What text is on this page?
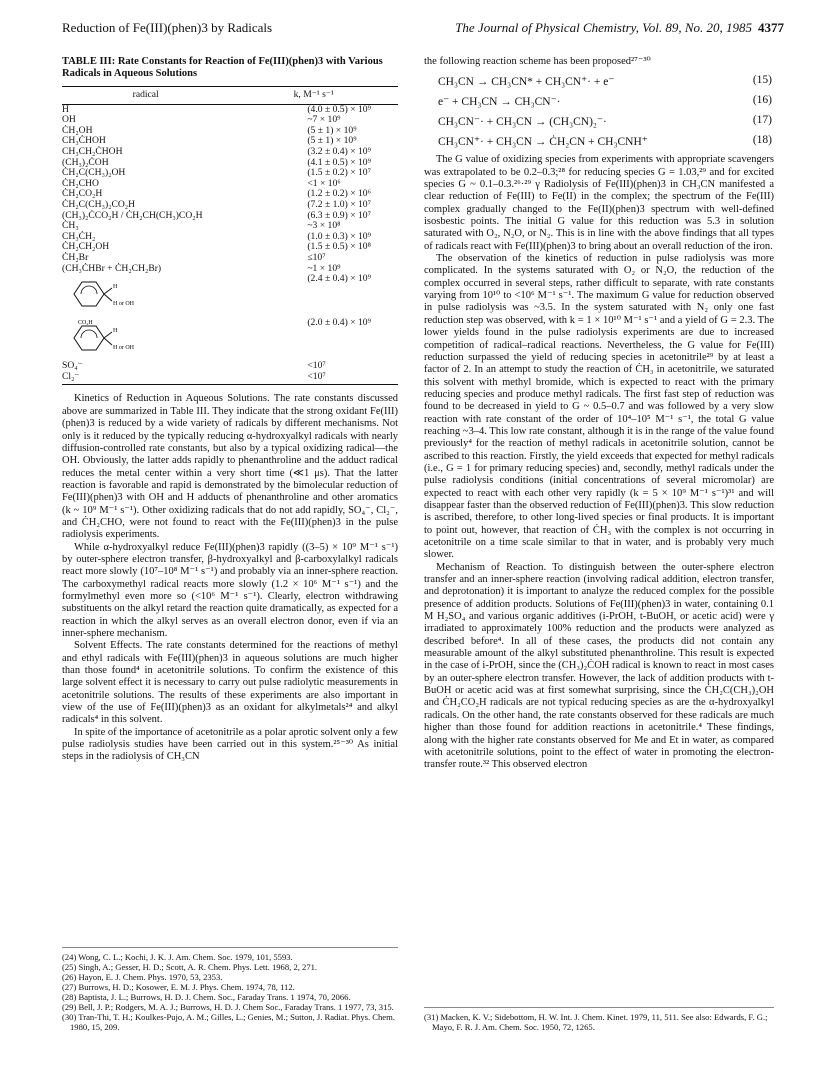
Reduction of Fe(III)(phen)3 by Radicals	The Journal of Physical Chemistry, Vol. 89, No. 20, 1985 4377
TABLE III: Rate Constants for Reaction of Fe(III)(phen)3 with Various Radicals in Aqueous Solutions
radical	k, M⁻¹ s⁻¹
H	(4.0 ± 0.5) × 10⁹
OH	~7 × 10⁹
ĊH₂OH	(5 ± 1) × 10⁹
CH₃ĊHOH	(5 ± 1) × 10⁹
CH₃CH₂ĊHOH	(3.2 ± 0.4) × 10⁹
(CH₃)₂ĊOH	(4.1 ± 0.5) × 10⁹
ĊH₂C(CH₃)₂OH	(1.5 ± 0.2) × 10⁷
ĊH₂CHO	<1 × 10⁶
ĊH₂CO₂H	(1.2 ± 0.2) × 10⁶
ĊH₂C(CH₃)₂CO₂H	(7.2 ± 1.0) × 10⁷
(CH₃)₂ĊCO₂H / ĊH₂CH(CH₃)CO₂H	(6.3 ± 0.9) × 10⁷
ĊH₃	~3 × 10⁸
CH₃ĊH₂	(1.0 ± 0.3) × 10⁹
ĊH₂CH₂OH	(1.5 ± 0.5) × 10⁸
ĊH₂Br	≤10⁷
(CH₃ĊHBr + ĊH₂CH₂Br)	~1 × 10⁹

H
H or OH	(2.4 ± 0.4) × 10⁹

H
H or OH
CO₂H	(2.0 ± 0.4) × 10⁹
SO₄⁻	<10⁷
Cl₂⁻	<10⁷

Kinetics of Reduction in Aqueous Solutions. The rate constants discussed above are summarized in Table III. They indicate that the strong oxidant Fe(III)(phen)3 is reduced by a wide variety of radicals by different mechanisms. Not only is it reduced by the typically reducing α-hydroxyalkyl radicals with nearly diffusion-controlled rate constants, but also by a typical oxidizing radical—the OH. Obviously, the latter adds rapidly to phenanthroline and the adduct radical reduces the metal center within a very short time (≪1 μs). That the latter reaction is favorable and rapid is demonstrated by the bimolecular reduction of Fe(III)(phen)3 with OH and H adducts of phenanthroline and other aromatics (k ~ 10⁹ M⁻¹ s⁻¹). Other oxidizing radicals that do not add rapidly, SO₄⁻, Cl₂⁻, and ĊH₂CHO, were not found to react with the Fe(III)(phen)3 in the pulse radiolysis experiments.

While α-hydroxyalkyl reduce Fe(III)(phen)3 rapidly ((3–5) × 10⁹ M⁻¹ s⁻¹) by outer-sphere electron transfer, β-hydroxyalkyl and β-carboxylalkyl radicals react more slowly (10⁷–10⁸ M⁻¹ s⁻¹) and probably via an inner-sphere reaction. The carboxymethyl radical reacts more slowly (1.2 × 10⁶ M⁻¹ s⁻¹) and the formylmethyl even more so (<10⁶ M⁻¹ s⁻¹). Clearly, electron withdrawing substituents on the alkyl retard the reaction quite dramatically, as expected for a reaction in which the alkyl serves as an overall electron donor, even if via an inner-sphere mechanism.

Solvent Effects. The rate constants determined for the reactions of methyl and ethyl radicals with Fe(III)(phen)3 in aqueous solutions are much higher than those found⁴ in acetonitrile solutions. To confirm the existence of this large solvent effect it is necessary to carry out pulse radiolytic measurements in acetonitrile solutions. The results of these experiments are also important in view of the use of Fe(III)(phen)3 as an oxidant for alkylmetals²⁴ and alkyl radicals⁴ in this solvent.

In spite of the importance of acetonitrile as a polar aprotic solvent only a few pulse radiolysis studies have been carried out in this system.²⁵⁻³⁰ As initial steps in the radiolysis of CH₃CN

the following reaction scheme has been proposed²⁷⁻³⁰
CH₃CN → CH₃CN* + CH₃CN⁺· + e⁻	(15)
e⁻ + CH₃CN → CH₃CN⁻·	(16)
CH₃CN⁻· + CH₃CN → (CH₃CN)₂⁻·	(17)
CH₃CN⁺· + CH₃CN → ĊH₂CN + CH₃CNH⁺	(18)

The G value of oxidizing species from experiments with appropriate scavengers was extrapolated to be 0.2–0.3;²⁸ for reducing species G = 1.03,²⁹ and for excited species G ~ 0.1–0.3.²⁶·²⁹ γ Radiolysis of Fe(III)(phen)3 in CH₃CN manifested a clear reduction of Fe(III) to Fe(II) in the complex; the spectrum of the Fe(III) complex gradually changed to the Fe(II)(phen)3 spectrum with well-defined isosbestic points. The initial G value for this reduction was 5.3 in solution saturated with O₂, N₂O, or N₂. This is in line with the above findings that all types of radicals react with Fe(III)(phen)3 to bring about an overall reduction of the iron.

The observation of the kinetics of reduction in pulse radiolysis was more complicated. In the systems saturated with O₂ or N₂O, the reduction of the complex occurred in several steps, rather difficult to separate, with rate constants varying from 10¹⁰ to <10⁶ M⁻¹ s⁻¹. The maximum G value for reduction observed in pulse radiolysis was ~3.5. In the system saturated with N₂ only one fast reduction step was observed, with k = 1 × 10¹⁰ M⁻¹ s⁻¹ and a yield of G = 2.3. The lower yields found in the pulse radiolysis experiments are due to increased competition of radical–radical reactions. Nevertheless, the G value for Fe(III) reduction surpassed the yield of reducing species in acetonitrile²⁹ by at least a factor of 2. In an attempt to study the reaction of ĊH₃ in acetonitrile, we saturated this solvent with methyl bromide, which is expected to react with the primary reducing species and produce methyl radicals. The first fast step of reduction was found to be decreased in yield to G ~ 0.5–0.7 and was followed by a very slow reaction with rate constant of the order of 10⁴–10⁵ M⁻¹ s⁻¹, the total G value reaching ~3–4. This low rate constant, although it is in the range of the value found previously⁴ for the reaction of methyl radicals in acetonitrile solution, cannot be ascribed to this reaction. Firstly, the yield exceeds that expected for methyl radicals (i.e., G = 1 for primary reducing species) and, secondly, methyl radicals under the pulse radiolysis conditions (initial concentrations of several micromolar) are expected to react with each other very rapidly (k = 5 × 10⁹ M⁻¹ s⁻¹)³¹ and will disappear faster than the observed reduction of Fe(III)(phen)3. This slow reduction is ascribed, therefore, to other long-lived species or final products. It is important to point out, however, that reaction of ĊH₃ with the complex is not occurring in acetonitrile on a time scale similar to that in water, and is probably very much slower.

Mechanism of Reaction. To distinguish between the outer-sphere electron transfer and an inner-sphere reaction (involving radical addition, electron transfer, and deprotonation) it is important to analyze the reduced complex for the possible presence of addition products. Solutions of Fe(III)(phen)3 in water, containing 0.1 M H₂SO₄ and various organic additives (i-PrOH, t-BuOH, or acetic acid) were γ irradiated to approximately 100% reduction and the products were analyzed as described before⁴. In all of these cases, the products did not contain any measurable amount of the alkyl substituted phenanthroline. This result is expected in the case of i-PrOH, since the (CH₃)₂ĊOH radical is known to react in most cases by an outer-sphere electron transfer. However, the lack of addition products with t-BuOH or acetic acid was at first somewhat surprising, since the ĊH₂C(CH₃)₂OH and ĊH₂CO₂H radicals are not typical reducing species as are the α-hydroxyalkyl radicals. On the other hand, the rate constants observed for these radicals are much higher than those found for addition reactions in acetonitrile.⁴ These findings, along with the higher rate constants observed for Me and Et in water, as compared with acetonitrile solutions, point to the effect of water in promoting the electron-transfer route.³² This observed electron

(24) Wong, C. L.; Kochi, J. K. J. Am. Chem. Soc. 1979, 101, 5593.
(25) Singh, A.; Gesser, H. D.; Scott, A. R. Chem. Phys. Lett. 1968, 2, 271.
(26) Hayon, E. J. Chem. Phys. 1970, 53, 2353.
(27) Burrows, H. D.; Kosower, E. M. J. Phys. Chem. 1974, 78, 112.
(28) Baptista, J. L.; Burrows, H. D. J. Chem. Soc., Faraday Trans. 1 1974, 70, 2066.
(29) Bell, J. P.; Rodgers, M. A. J.; Burrows, H. D. J. Chem Soc., Faraday Trans. 1 1977, 73, 315.
(30) Tran-Thi, T. H.; Koulkes-Pujo, A. M.; Gilles, L.; Genies, M.; Sutton, J. Radiat. Phys. Chem. 1980, 15, 209.
(31) Macken, K. V.; Sidebottom, H. W. Int. J. Chem. Kinet. 1979, 11, 511. See also: Edwards, F. G.; Mayo, F. R. J. Am. Chem. Soc. 1950, 72, 1265.
